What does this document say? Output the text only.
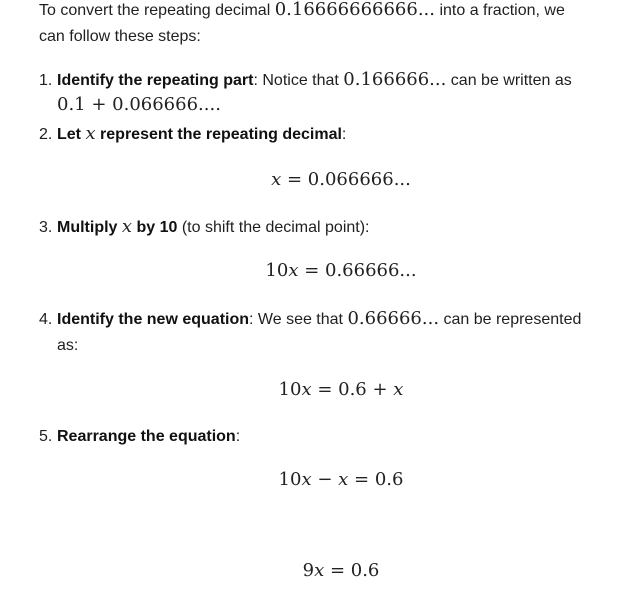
To convert the repeating decimal 0.16666666666... into a fraction, we
can follow these steps:
1. Identify the repeating part: Notice that 0.166666... can be written as
0.1 + 0.066666....
2. Let x represent the repeating decimal:
x = 0.066666...
3. Multiply x by 10 (to shift the decimal point):
10x = 0.66666...
4. Identify the new equation: We see that 0.66666... can be represented
as:
10x = 0.6 + x
5. Rearrange the equation:
10x − x = 0.6
9x = 0.6
